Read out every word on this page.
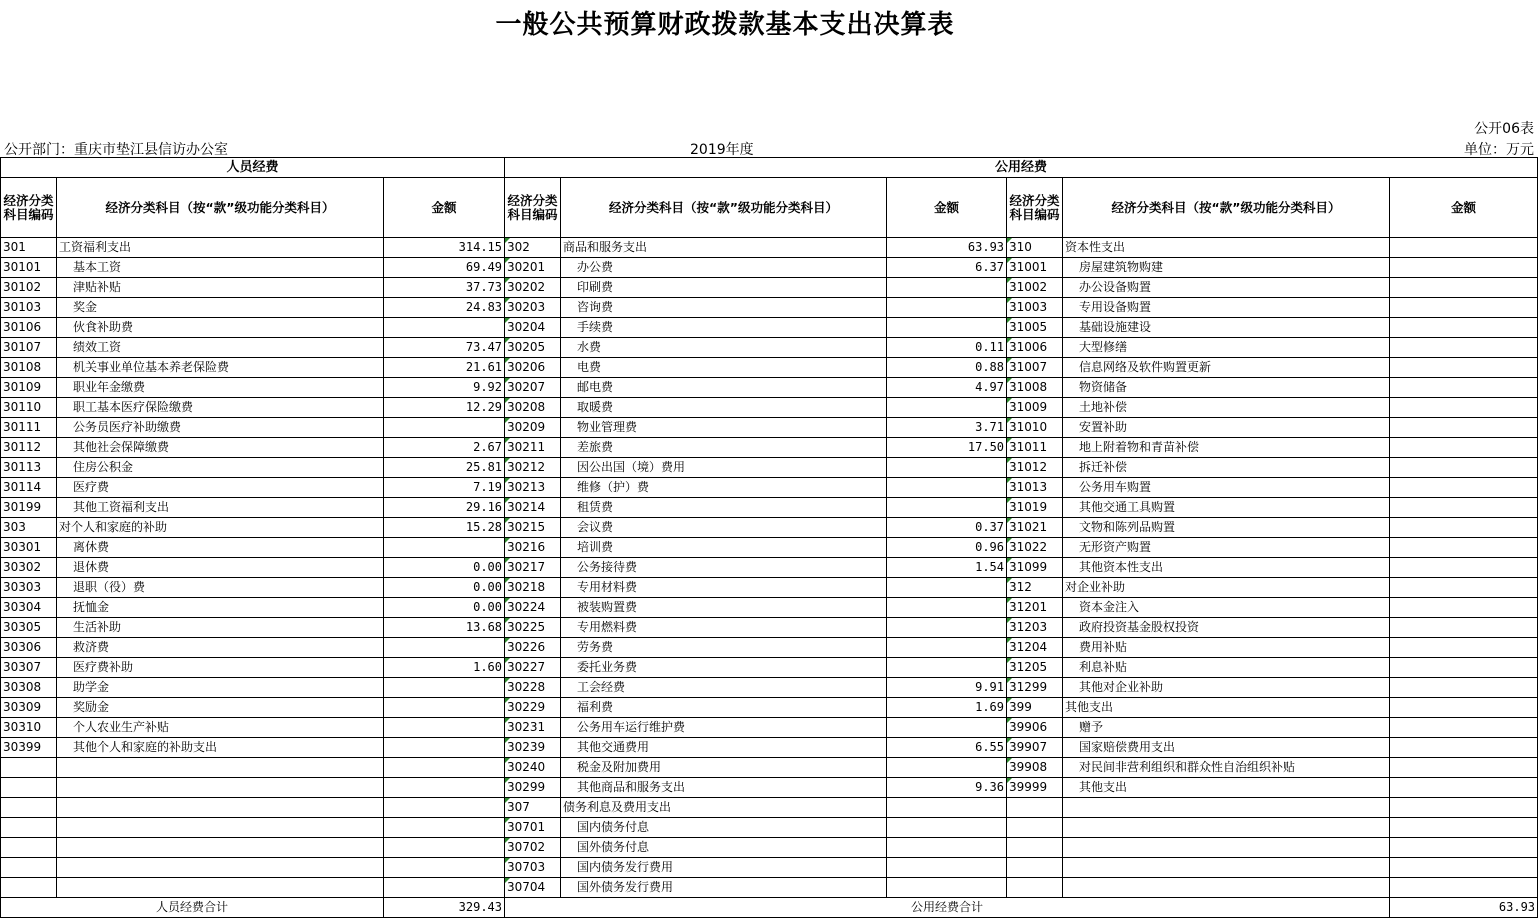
一般公共预算财政拨款基本支出决算表
公开06表
公开部门：重庆市垫江县信访办公室	2019年度	单位：万元
人员经费			公用经费					
经济分类科目编码	经济分类科目（按“款”级功能分类科目）	金额	经济分类科目编码	经济分类科目（按“款”级功能分类科目）	金额	经济分类科目编码	经济分类科目（按“款”级功能分类科目）	金额
301	工资福利支出	314.15	302	商品和服务支出	63.93	310	资本性支出	
30101	基本工资	69.49	30201	办公费	6.37	31001	房屋建筑物购建	
30102	津贴补贴	37.73	30202	印刷费		31002	办公设备购置	
30103	奖金	24.83	30203	咨询费		31003	专用设备购置	
30106	伙食补助费		30204	手续费		31005	基础设施建设	
30107	绩效工资	73.47	30205	水费	0.11	31006	大型修缮	
30108	机关事业单位基本养老保险费	21.61	30206	电费	0.88	31007	信息网络及软件购置更新	
30109	职业年金缴费	9.92	30207	邮电费	4.97	31008	物资储备	
30110	职工基本医疗保险缴费	12.29	30208	取暖费		31009	土地补偿	
30111	公务员医疗补助缴费		30209	物业管理费	3.71	31010	安置补助	
30112	其他社会保障缴费	2.67	30211	差旅费	17.50	31011	地上附着物和青苗补偿	
30113	住房公积金	25.81	30212	因公出国（境）费用		31012	拆迁补偿	
30114	医疗费	7.19	30213	维修（护）费		31013	公务用车购置	
30199	其他工资福利支出	29.16	30214	租赁费		31019	其他交通工具购置	
303	对个人和家庭的补助	15.28	30215	会议费	0.37	31021	文物和陈列品购置	
30301	离休费		30216	培训费	0.96	31022	无形资产购置	
30302	退休费	0.00	30217	公务接待费	1.54	31099	其他资本性支出	
30303	退职（役）费	0.00	30218	专用材料费		312	对企业补助	
30304	抚恤金	0.00	30224	被装购置费		31201	资本金注入	
30305	生活补助	13.68	30225	专用燃料费		31203	政府投资基金股权投资	
30306	救济费		30226	劳务费		31204	费用补贴	
30307	医疗费补助	1.60	30227	委托业务费		31205	利息补贴	
30308	助学金		30228	工会经费	9.91	31299	其他对企业补助	
30309	奖励金		30229	福利费	1.69	399	其他支出	
30310	个人农业生产补贴		30231	公务用车运行维护费		39906	赠予	
30399	其他个人和家庭的补助支出		30239	其他交通费用	6.55	39907	国家赔偿费用支出	
			30240	税金及附加费用		39908	对民间非营利组织和群众性自治组织补贴	
			30299	其他商品和服务支出	9.36	39999	其他支出	
			307	债务利息及费用支出				
			30701	国内债务付息				
			30702	国外债务付息				
			30703	国内债务发行费用				
			30704	国外债务发行费用				
人员经费合计		329.43	公用经费合计					63.93
